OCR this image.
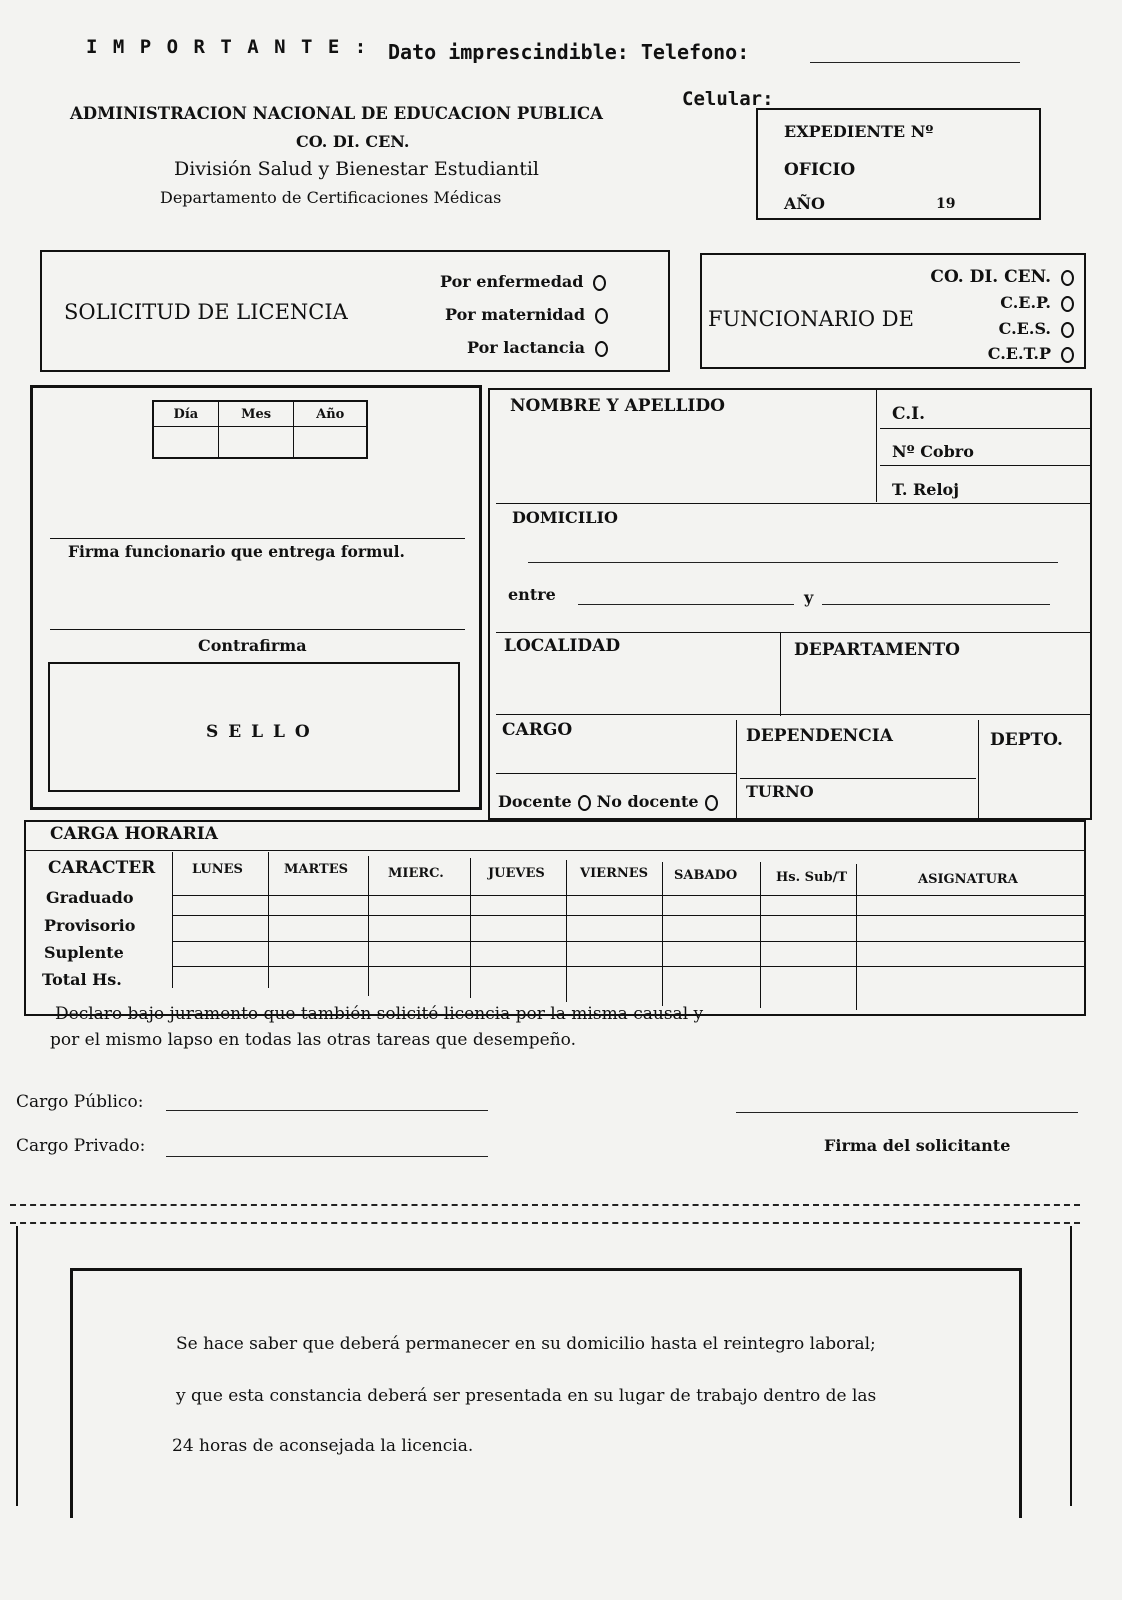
I M P O R T A N T E : Dato imprescindible: Telefono:
Celular:
ADMINISTRACION NACIONAL DE EDUCACION PUBLICA
CO. DI. CEN.
División Salud y Bienestar Estudiantil
Departamento de Certificaciones Médicas
EXPEDIENTE Nº
OFICIO
AÑO	19
SOLICITUD DE LICENCIA
Por enfermedad
Por maternidad
Por lactancia
FUNCIONARIO DE
CO. DI. CEN.
C.E.P.
C.E.S.
C.E.T.P
Día	Mes	Año

Firma funcionario que entrega formul.
Contrafirma
S E L L O
NOMBRE Y APELLIDO	C.I.
Nº Cobro
T. Reloj
DOMICILIO
entre	y
LOCALIDAD	DEPARTAMENTO
CARGO	DEPENDENCIA	DEPTO.
TURNO
Docente No docente
CARGA HORARIA
CARACTER	LUNES	MARTES	MIERC.	JUEVES	VIERNES SABADO	Hs. Sub/T	ASIGNATURA
Graduado
Provisorio
Suplente
Total Hs.
Declaro bajo juramento que también solicité licencia por la misma causal y
por el mismo lapso en todas las otras tareas que desempeño.
Cargo Público:
Cargo Privado:	Firma del solicitante
Se hace saber que deberá permanecer en su domicilio hasta el reintegro laboral;
y que esta constancia deberá ser presentada en su lugar de trabajo dentro de las
24 horas de aconsejada la licencia.
